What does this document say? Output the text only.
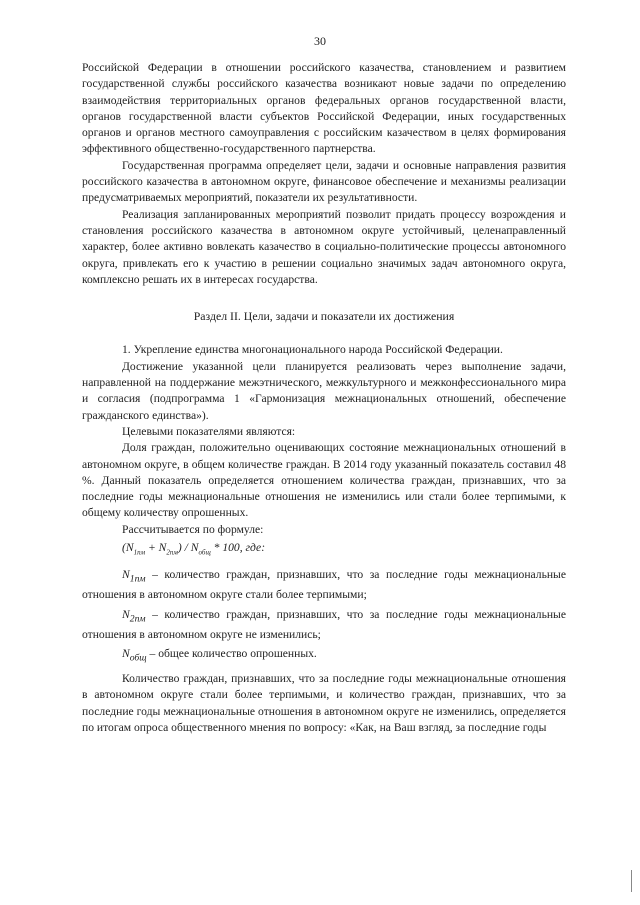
30

Российской Федерации в отношении российского казачества, становлением и развитием государственной службы российского казачества возникают новые задачи по определению взаимодействия территориальных органов федеральных органов государственной власти, органов государственной власти субъектов Российской Федерации, иных государственных органов и органов местного самоуправления с российским казачеством в целях формирования эффективного общественно-государственного партнерства.

Государственная программа определяет цели, задачи и основные направления развития российского казачества в автономном округе, финансовое обеспечение и механизмы реализации предусматриваемых мероприятий, показатели их результативности.

Реализация запланированных мероприятий позволит придать процессу возрождения и становления российского казачества в автономном округе устойчивый, целенаправленный характер, более активно вовлекать казачество в социально-политические процессы автономного округа, привлекать его к участию в решении социально значимых задач автономного округа, комплексно решать их в интересах государства.

Раздел II. Цели, задачи и показатели их достижения

1. Укрепление единства многонационального народа Российской Федерации.

Достижение указанной цели планируется реализовать через выполнение задачи, направленной на поддержание межэтнического, межкультурного и межконфессионального мира и согласия (подпрограмма 1 «Гармонизация межнациональных отношений, обеспечение гражданского единства»).

Целевыми показателями являются:

Доля граждан, положительно оценивающих состояние межнациональных отношений в автономном округе, в общем количестве граждан. В 2014 году указанный показатель составил 48 %. Данный показатель определяется отношением количества граждан, признавших, что за последние годы межнациональные отношения не изменились или стали более терпимыми, к общему количеству опрошенных.

Рассчитывается по формуле:

$(N_{1пм} + N_{2пм}) / N_{общ} * 100$, где:

$N_{1пм}$ – количество граждан, признавших, что за последние годы межнациональные отношения в автономном округе стали более терпимыми;

$N_{2пм}$ – количество граждан, признавших, что за последние годы межнациональные отношения в автономном округе не изменились;

$N_{общ}$ – общее количество опрошенных.

Количество граждан, признавших, что за последние годы межнациональные отношения в автономном округе стали более терпимыми, и количество граждан, признавших, что за последние годы межнациональные отношения в автономном округе не изменились, определяется по итогам опроса общественного мнения по вопросу: «Как, на Ваш взгляд, за последние годы
